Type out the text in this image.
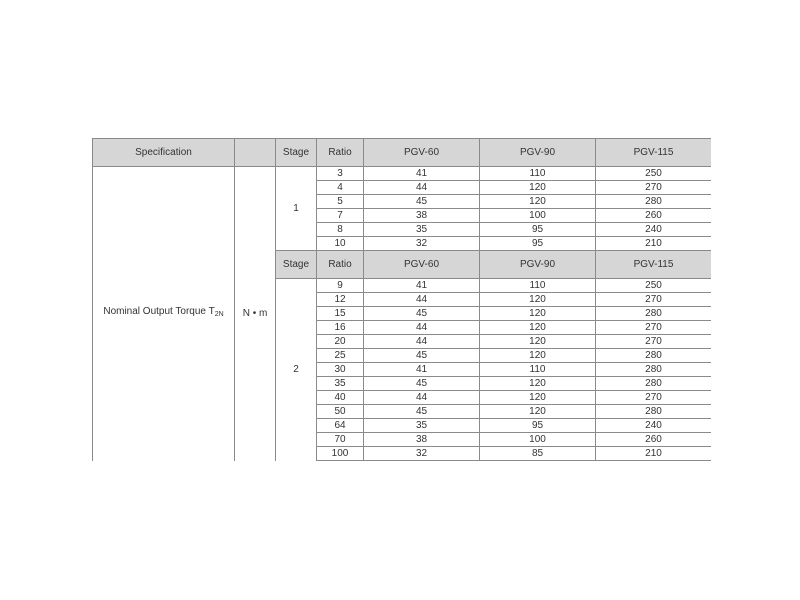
Specification		Stage	Ratio	PGV-60	PGV-90	PGV-115
Nominal Output Torque $T_{2N}$	N • m	1	3	41	110	250
			4	44	120	270
			5	45	120	280
			7	38	100	260
			8	35	95	240
			10	32	95	210
		Stage	Ratio	PGV-60	PGV-90	PGV-115
		2	9	41	110	250
			12	44	120	270
			15	45	120	280
			16	44	120	270
			20	44	120	270
			25	45	120	280
			30	41	110	280
			35	45	120	280
			40	44	120	270
			50	45	120	280
			64	35	95	240
			70	38	100	260
			100	32	85	210
